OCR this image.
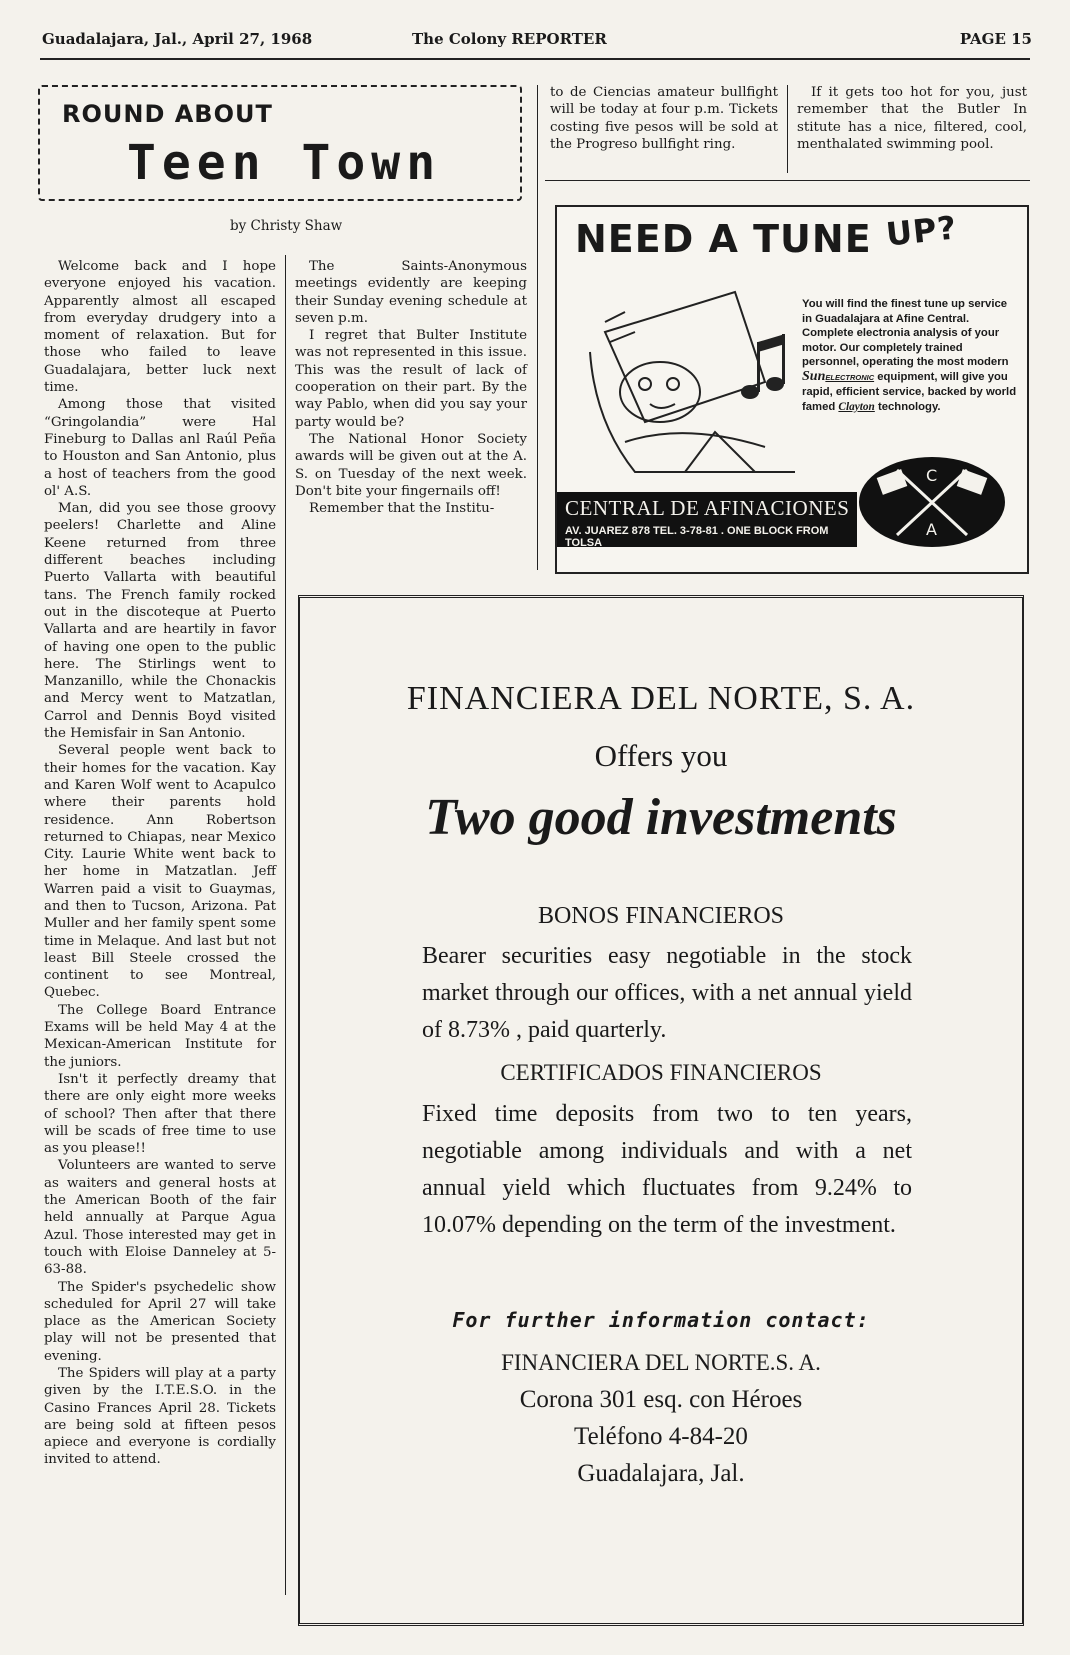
Guadalajara, Jal., April 27, 1968	The Colony REPORTER	PAGE 15
ROUND ABOUT
Teen Town
by Christy Shaw

Welcome back and I hope everyone enjoyed his vacation. Apparently almost all escaped from everyday drudgery into a moment of relaxation. But for those who failed to leave Guadalajara, better luck next time.

Among those that visited “Gringolandia” were Hal Fineburg to Dallas anl Raúl Peña to Houston and San Antonio, plus a host of teachers from the good ol' A.S.

Man, did you see those groovy peelers! Charlette and Aline Keene returned from three different beaches including Puerto Vallarta with beautiful tans. The French family rocked out in the discoteque at Puerto Vallarta and are heartily in favor of having one open to the public here. The Stirlings went to Manzanillo, while the Chonackis and Mercy went to Matzatlan, Carrol and Dennis Boyd visited the Hemisfair in San Antonio.

Several people went back to their homes for the vacation. Kay and Karen Wolf went to Acapulco where their parents hold residence. Ann Robertson returned to Chiapas, near Mexico City. Laurie White went back to her home in Matzatlan. Jeff Warren paid a visit to Guaymas, and then to Tucson, Arizona. Pat Muller and her family spent some time in Melaque. And last but not least Bill Steele crossed the continent to see Montreal, Quebec.

The College Board Entrance Exams will be held May 4 at the Mexican-American Institute for the juniors.

Isn't it perfectly dreamy that there are only eight more weeks of school? Then after that there will be scads of free time to use as you please!!

Volunteers are wanted to serve as waiters and general hosts at the American Booth of the fair held annually at Parque Agua Azul. Those interested may get in touch with Eloise Danneley at 5-63-88.

The Spider's psychedelic show scheduled for April 27 will take place as the American Society play will not be presented that evening.

The Spiders will play at a party given by the I.T.E.S.O. in the Casino Frances April 28. Tickets are being sold at fifteen pesos apiece and everyone is cordially invited to attend.

The Saints-Anonymous meetings evidently are keeping their Sunday evening schedule at seven p.m.

I regret that Bulter Institute was not represented in this issue. This was the result of lack of cooperation on their part. By the way Pablo, when did you say your party would be?

The National Honor Society awards will be given out at the A. S. on Tuesday of the next week. Don't bite your fingernails off!

Remember that the Institu-

to de Ciencias amateur bullfight will be today at four p.m. Tickets costing five pesos will be sold at the Progreso bullfight ring.

If it gets too hot for you, just remember that the Butler In stitute has a nice, filtered, cool, menthalated swimming pool.

NEED A TUNE UP?
You will find the finest tune up service in Guadalajara at Afine Central. Complete electronia analysis of your motor. Our completely trained personnel, operating the most modern SunELECTRONIC equipment, will give you rapid, efficient service, backed by world famed Clayton technology.
CENTRAL DE AFINACIONES
AV. JUAREZ 878 TEL. 3-78-81 . ONE BLOCK FROM TOLSA
C
A
FINANCIERA DEL NORTE, S. A.
Offers you
Two good investments
BONOS FINANCIEROS
Bearer securities easy negotiable in the stock market through our offices, with a net annual yield of 8.73% , paid quarterly.
CERTIFICADOS FINANCIEROS
Fixed time deposits from two to ten years, negotiable among individuals and with a net annual yield which fluctuates from 9.24% to 10.07% depending on the term of the investment.
For further information contact:
FINANCIERA DEL NORTE.S. A.
Corona 301 esq. con Héroes
Teléfono 4-84-20
Guadalajara, Jal.
